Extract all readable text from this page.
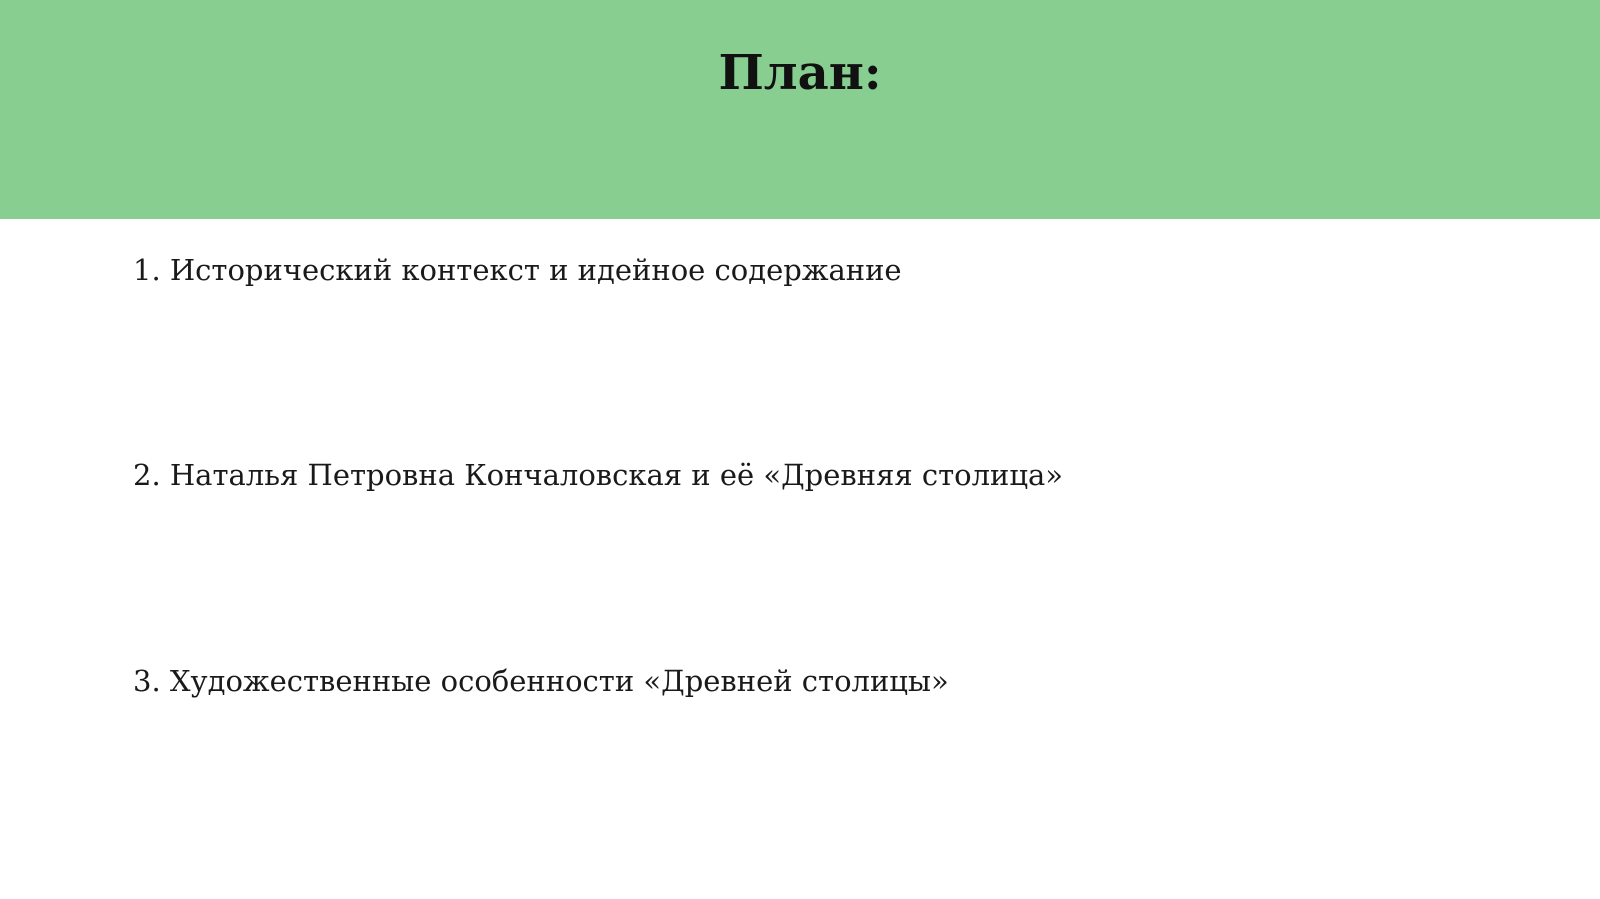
План:
1. Исторический контекст и идейное содержание
2. Наталья Петровна Кончаловская и её «Древняя столица»
3. Художественные особенности «Древней столицы»
